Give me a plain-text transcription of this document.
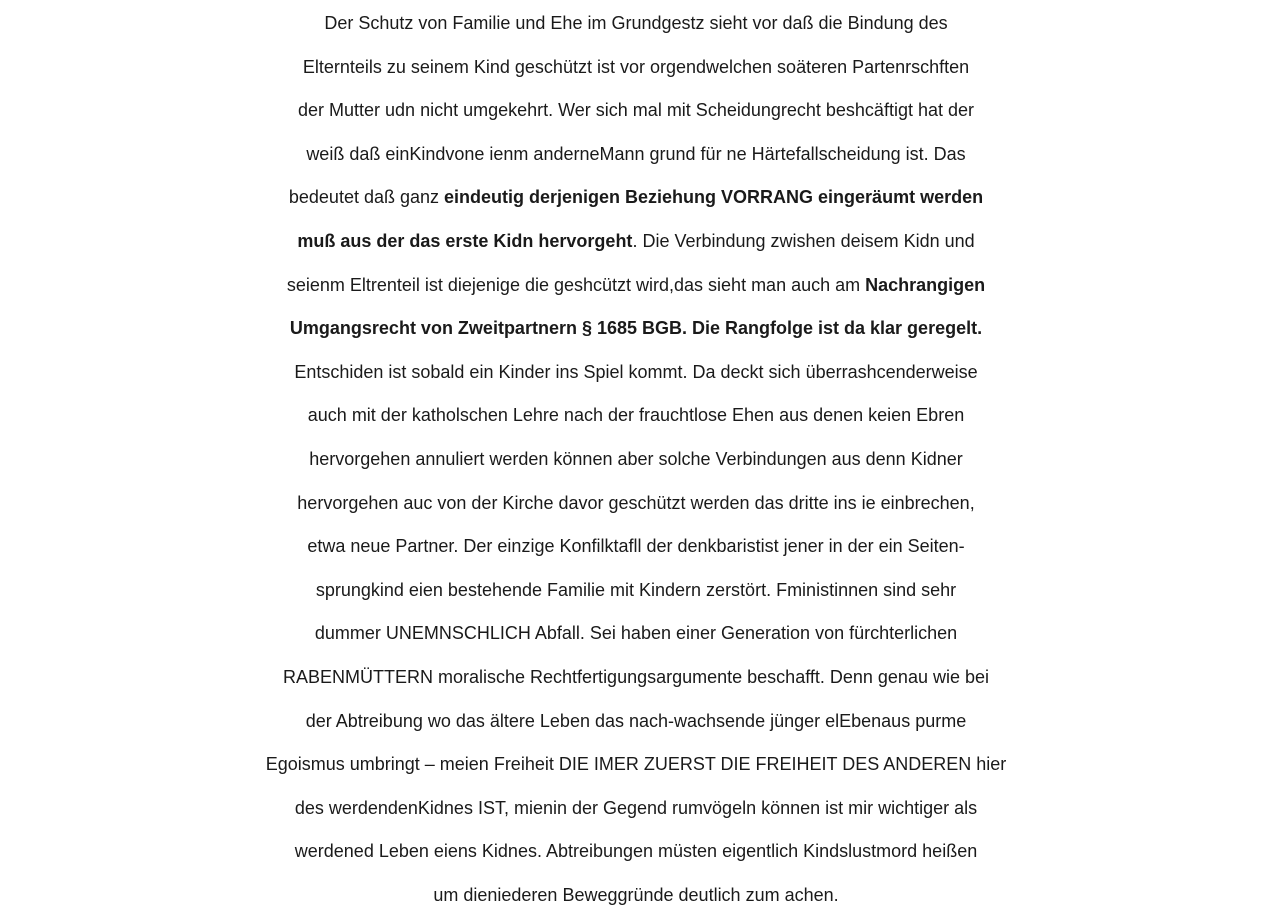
Der Schutz von Familie und Ehe im Grundgestz sieht vor daß die Bindung des
Elternteils zu seinem Kind geschützt ist vor orgendwelchen soäteren Partenrschften
der Mutter udn nicht umgekehrt. Wer sich mal mit Scheidungrecht beshcäftigt hat der
weiß daß einKindvone ienm anderneMann grund für ne Härtefallscheidung ist. Das
bedeutet daß ganz eindeutig derjenigen Beziehung VORRANG eingeräumt werden
muß aus der das erste Kidn hervorgeht. Die Verbindung zwishen deisem Kidn und
seienm Eltrenteil ist diejenige die geshcützt wird,das sieht man auch am Nachrangigen
Umgangsrecht von Zweitpartnern § 1685 BGB. Die Rangfolge ist da klar geregelt.
Entschiden ist sobald ein Kinder ins Spiel kommt. Da deckt sich überrashcenderweise
auch mit der katholschen Lehre nach der frauchtlose Ehen aus denen keien Ebren
hervorgehen annuliert werden können aber solche Verbindungen aus denn Kidner
hervorgehen auc von der Kirche davor geschützt werden das dritte ins ie einbrechen,
etwa neue Partner. Der einzige Konfilktafll der denkbaristist jener in der ein Seiten-
sprungkind eien bestehende Familie mit Kindern zerstört. Fministinnen sind sehr
dummer UNEMNSCHLICH Abfall. Sei haben einer Generation von fürchterlichen
RABENMÜTTERN moralische Rechtfertigungsargumente beschafft. Denn genau wie bei
der Abtreibung wo das ältere Leben das nach-wachsende jünger elEbenaus purme
Egoismus umbringt – meien Freiheit DIE IMER ZUERST DIE FREIHEIT DES ANDEREN hier
des werdendenKidnes IST, mienin der Gegend rumvögeln können ist mir wichtiger als
werdened Leben eiens Kidnes. Abtreibungen müsten eigentlich Kindslustmord heißen
um dieniederen Beweggründe deutlich zum achen.
